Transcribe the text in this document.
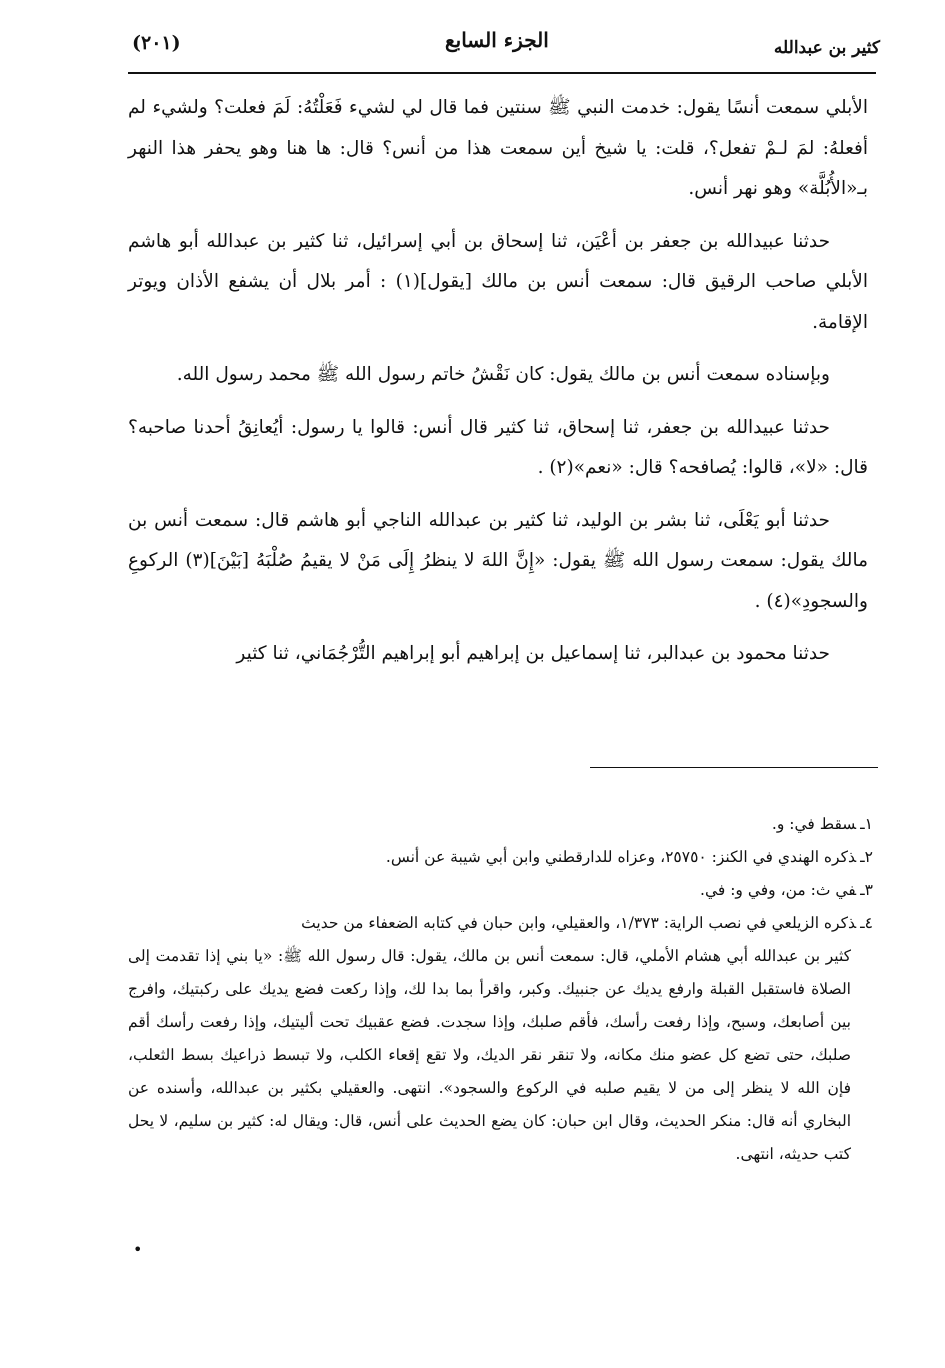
(٢٠١)	الجزء السابع	كثير بن عبدالله

الأبلي سمعت أنسًا يقول: خدمت النبي ﷺ سنتين فما قال لي لشيء فَعَلْتُهُ: لَمَ فعلت؟ ولشيء لم أفعلهُ: لمَ لـمْ تفعل؟، قلت: يا شيخ أين سمعت هذا من أنس؟ قال: ها هنا وهو يحفر هذا النهر بـ«الأُبُلَّة» وهو نهر أنس.

حدثنا عبيدالله بن جعفر بن أعْيَن، ثنا إسحاق بن أبي إسرائيل، ثنا كثير بن عبدالله أبو هاشم الأبلي صاحب الرقيق قال: سمعت أنس بن مالك [يقول](١) : أمر بلال أن يشفع الأذان ويوتر الإقامة.

وبإسناده سمعت أنس بن مالك يقول: كان نَقْشُ خاتم رسول الله ﷺ محمد رسول الله.

حدثنا عبيدالله بن جعفر، ثنا إسحاق، ثنا كثير قال أنس: قالوا يا رسول: أيُعانِقُ أحدنا صاحبه؟ قال: «لا»، قالوا: يُصافحه؟ قال: «نعم»(٢) .

حدثنا أبو يَعْلَى، ثنا بشر بن الوليد، ثنا كثير بن عبدالله الناجي أبو هاشم قال: سمعت أنس بن مالك يقول: سمعت رسول الله ﷺ يقول: «إِنَّ اللهَ لا ينظرُ إِلَى مَنْ لا يقيمُ صُلْبَهُ [بَيْنَ](٣) الركوعِ والسجودِ»(٤) .

حدثنا محمود بن عبدالبر، ثنا إسماعيل بن إبراهيم أبو إبراهيم التُّرْجُمَاني، ثنا كثير

١ـسقط في: و.

٢ـذكره الهندي في الكنز: ٢٥٧٥٠، وعزاه للدارقطني وابن أبي شيبة عن أنس.

٣ـفي ث: من، وفي و: في.

٤ـذكره الزيلعي في نصب الراية: ١/٣٧٣، والعقيلي، وابن حبان في كتابه الضعفاء من حديث
كثير بن عبدالله أبي هشام الأملي، قال: سمعت أنس بن مالك، يقول: قال رسول الله ﷺ: «يا بني إذا تقدمت إلى الصلاة فاستقبل القبلة وارفع يديك عن جنبيك. وكبر، واقرأ بما بدا لك، وإذا ركعت فضع يديك على ركبتيك، وافرج بين أصابعك، وسبح، وإذا رفعت رأسك، فأقم صلبك، وإذا سجدت. فضع عقبيك تحت أليتيك، وإذا رفعت رأسك أقم صلبك، حتى تضع كل عضو منك مكانه، ولا تنقر نقر الديك، ولا تقع إقعاء الكلب، ولا تبسط ذراعيك بسط الثعلب، فإن الله لا ينظر إلى من لا يقيم صلبه في الركوع والسجود». انتهى. والعقيلي بكثير بن عبدالله، وأسنده عن البخاري أنه قال: منكر الحديث، وقال ابن حبان: كان يضع الحديث على أنس، قال: ويقال له: كثير بن سليم، لا يحل كتب حديثه، انتهى.

•
